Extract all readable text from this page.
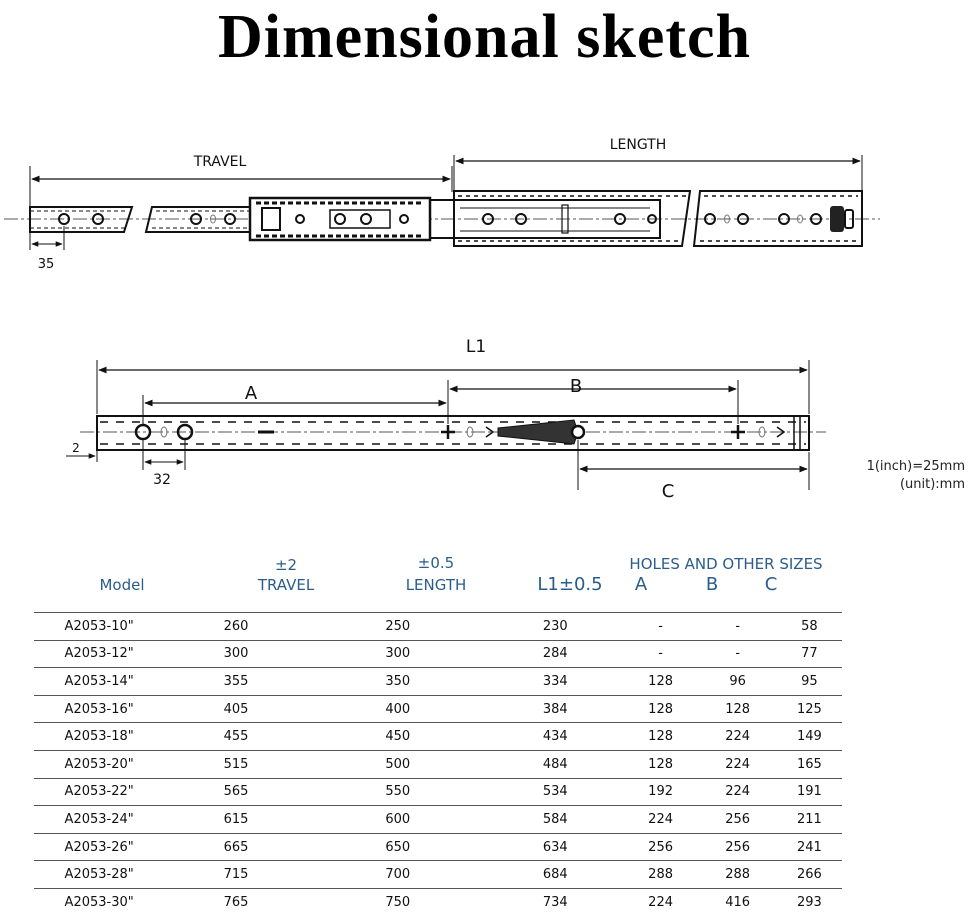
Dimensional sketch
TRAVEL
LENGTH
35
L1
A	B
C
2
32
1(inch)=25mm
(unit):mm
Model
±2
TRAVEL
±0.5
LENGTH	L1±0.5
HOLES AND OTHER SIZES
A	B	C
A2053-10"	260	250	230	-	-	58
A2053-12"	300	300	284	-	-	77
A2053-14"	355	350	334	128	96	95
A2053-16"	405	400	384	128	128	125
A2053-18"	455	450	434	128	224	149
A2053-20"	515	500	484	128	224	165
A2053-22"	565	550	534	192	224	191
A2053-24"	615	600	584	224	256	211
A2053-26"	665	650	634	256	256	241
A2053-28"	715	700	684	288	288	266
A2053-30"	765	750	734	224	416	293
